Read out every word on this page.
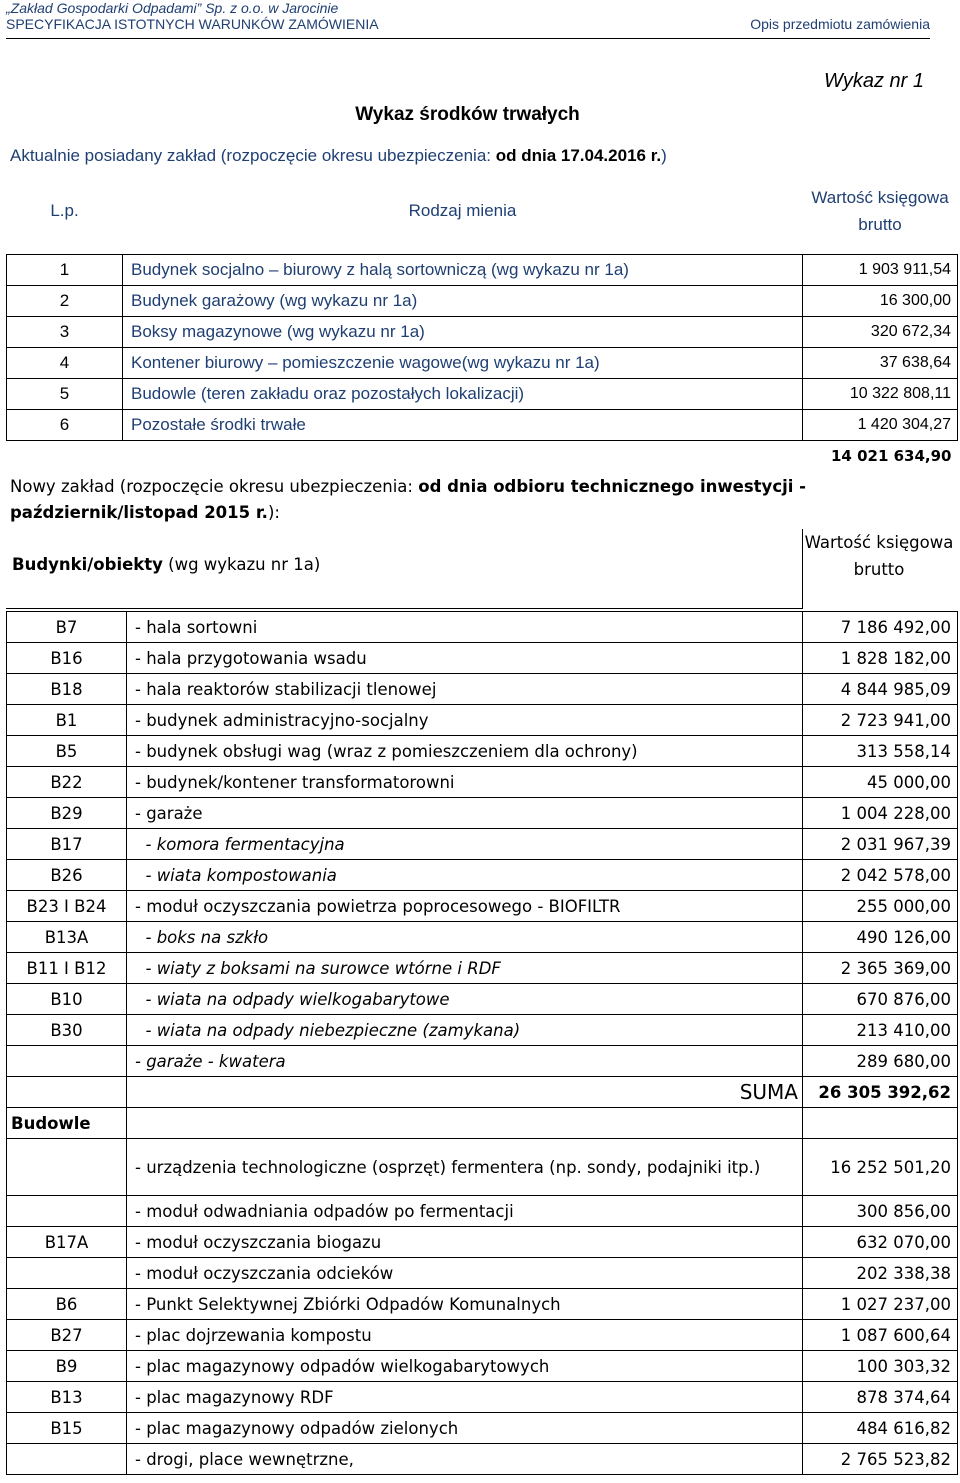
„Zakład Gospodarki Odpadami” Sp. z o.o. w Jarocinie
SPECYFIKACJA ISTOTNYCH WARUNKÓW ZAMÓWIENIA	Opis przedmiotu zamówienia
Wykaz nr 1
Wykaz środków trwałych
Aktualnie posiadany zakład (rozpoczęcie okresu ubezpieczenia: od dnia 17.04.2016 r.)
L.p.	Rodzaj mienia	Wartość księgowa brutto
1	Budynek socjalno – biurowy z halą sortowniczą (wg wykazu nr 1a)	1 903 911,54
2	Budynek garażowy (wg wykazu nr 1a)	16 300,00
3	Boksy magazynowe (wg wykazu nr 1a)	320 672,34
4	Kontener biurowy – pomieszczenie wagowe(wg wykazu nr 1a)	37 638,64
5	Budowle (teren zakładu oraz pozostałych lokalizacji)	10 322 808,11
6	Pozostałe środki trwałe	1 420 304,27
		14 021 634,90
Nowy zakład (rozpoczęcie okresu ubezpieczenia: od dnia odbioru technicznego inwestycji - październik/listopad 2015 r.):
Budynki/obiekty (wg wykazu nr 1a)
Wartość księgowa brutto
B7	- hala sortowni	7 186 492,00
B16	- hala przygotowania wsadu	1 828 182,00
B18	- hala reaktorów stabilizacji tlenowej	4 844 985,09
B1	- budynek administracyjno-socjalny	2 723 941,00
B5	- budynek obsługi wag (wraz z pomieszczeniem dla ochrony)	313 558,14
B22	- budynek/kontener transformatorowni	45 000,00
B29	- garaże	1 004 228,00
B17	- komora fermentacyjna	2 031 967,39
B26	- wiata kompostowania	2 042 578,00
B23 I B24	- moduł oczyszczania powietrza poprocesowego - BIOFILTR	255 000,00
B13A	- boks na szkło	490 126,00
B11 I B12	- wiaty z boksami na surowce wtórne i RDF	2 365 369,00
B10	- wiata na odpady wielkogabarytowe	670 876,00
B30	- wiata na odpady niebezpieczne (zamykana)	213 410,00
	- garaże - kwatera	289 680,00
	SUMA	26 305 392,62
Budowle		
	- urządzenia technologiczne (osprzęt) fermentera (np. sondy, podajniki itp.)	16 252 501,20
	- moduł odwadniania odpadów po fermentacji	300 856,00
B17A	- moduł oczyszczania biogazu	632 070,00
	- moduł oczyszczania odcieków	202 338,38
B6	- Punkt Selektywnej Zbiórki Odpadów Komunalnych	1 027 237,00
B27	- plac dojrzewania kompostu	1 087 600,64
B9	- plac magazynowy odpadów wielkogabarytowych	100 303,32
B13	- plac magazynowy RDF	878 374,64
B15	- plac magazynowy odpadów zielonych	484 616,82
	- drogi, place wewnętrzne,	2 765 523,82
